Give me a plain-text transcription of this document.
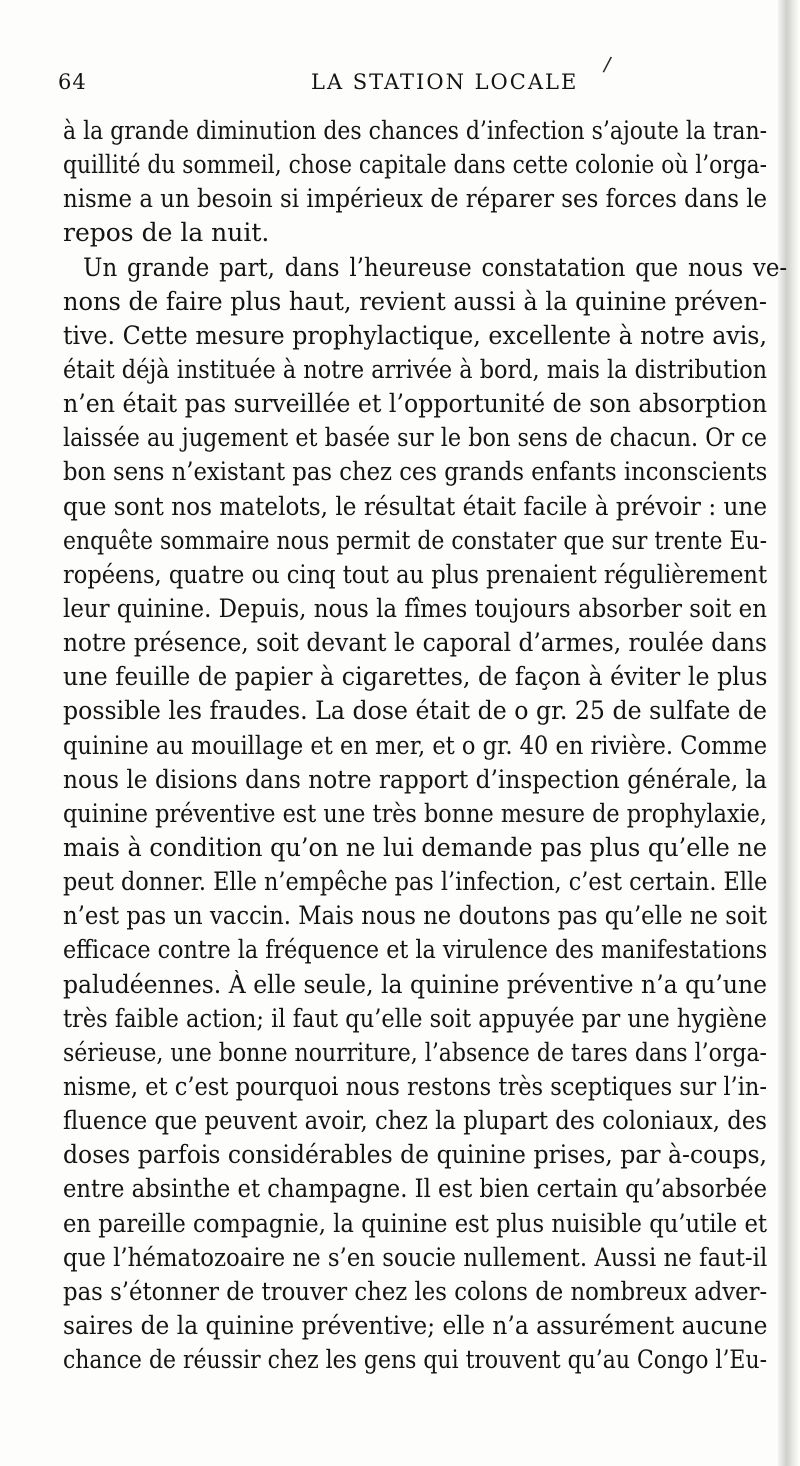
/
64	LA STATION LOCALE
à la grande diminution des chances d’infection s’ajoute la tran-
quillité du sommeil, chose capitale dans cette colonie où l’orga-
nisme a un besoin si impérieux de réparer ses forces dans le
repos de la nuit.
Un grande part, dans l’heureuse constatation que nous ve-
nons de faire plus haut, revient aussi à la quinine préven-
tive. Cette mesure prophylactique, excellente à notre avis,
était déjà instituée à notre arrivée à bord, mais la distribution
n’en était pas surveillée et l’opportunité de son absorption
laissée au jugement et basée sur le bon sens de chacun. Or ce
bon sens n’existant pas chez ces grands enfants inconscients
que sont nos matelots, le résultat était facile à prévoir : une
enquête sommaire nous permit de constater que sur trente Eu-
ropéens, quatre ou cinq tout au plus prenaient régulièrement
leur quinine. Depuis, nous la fîmes toujours absorber soit en
notre présence, soit devant le caporal d’armes, roulée dans
une feuille de papier à cigarettes, de façon à éviter le plus
possible les fraudes. La dose était de o gr. 25 de sulfate de
quinine au mouillage et en mer, et o gr. 40 en rivière. Comme
nous le disions dans notre rapport d’inspection générale, la
quinine préventive est une très bonne mesure de prophylaxie,
mais à condition qu’on ne lui demande pas plus qu’elle ne
peut donner. Elle n’empêche pas l’infection, c’est certain. Elle
n’est pas un vaccin. Mais nous ne doutons pas qu’elle ne soit
efficace contre la fréquence et la virulence des manifestations
paludéennes. À elle seule, la quinine préventive n’a qu’une
très faible action; il faut qu’elle soit appuyée par une hygiène
sérieuse, une bonne nourriture, l’absence de tares dans l’orga-
nisme, et c’est pourquoi nous restons très sceptiques sur l’in-
fluence que peuvent avoir, chez la plupart des coloniaux, des
doses parfois considérables de quinine prises, par à-coups,
entre absinthe et champagne. Il est bien certain qu’absorbée
en pareille compagnie, la quinine est plus nuisible qu’utile et
que l’hématozoaire ne s’en soucie nullement. Aussi ne faut-il
pas s’étonner de trouver chez les colons de nombreux adver-
saires de la quinine préventive; elle n’a assurément aucune
chance de réussir chez les gens qui trouvent qu’au Congo l’Eu-
